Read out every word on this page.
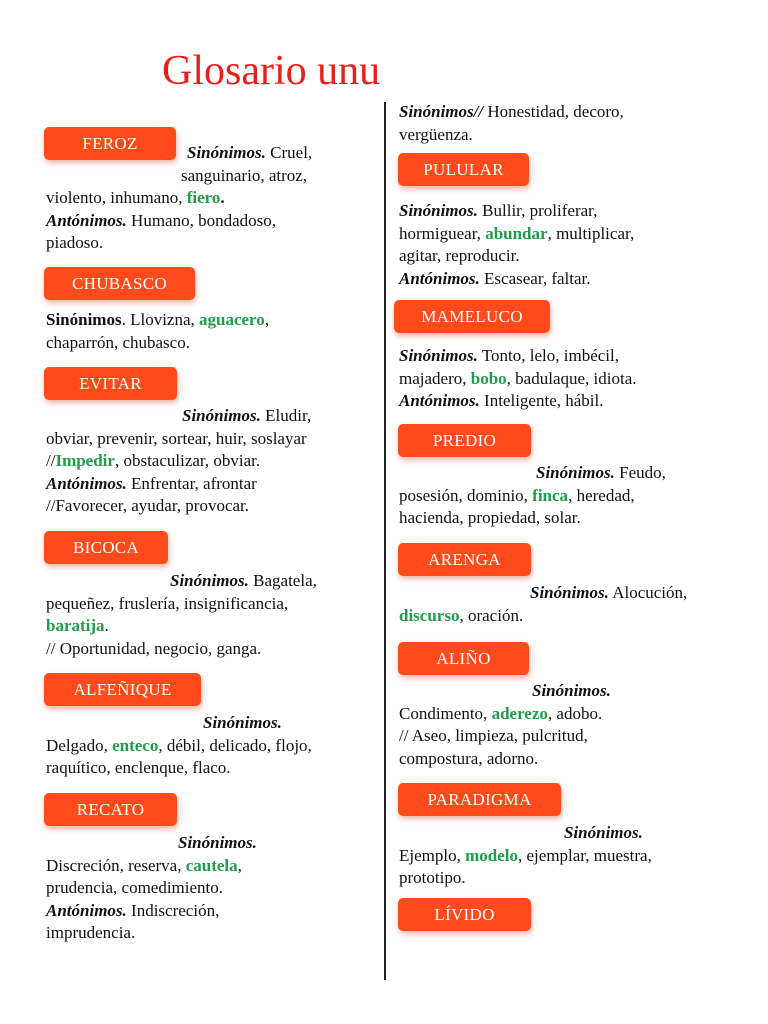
Glosario unu
FEROZ	Sinónimos. Cruel,
sanguinario, atroz,
violento, inhumano, fiero.
Antónimos. Humano, bondadoso,
piadoso.
CHUBASCO
Sinónimos. Llovizna, aguacero,
chaparrón, chubasco.
EVITAR
Sinónimos. Eludir,
obviar, prevenir, sortear, huir, soslayar
//Impedir, obstaculizar, obviar.
Antónimos. Enfrentar, afrontar
//Favorecer, ayudar, provocar.
BICOCA
Sinónimos. Bagatela,
pequeñez, fruslería, insignificancia,
baratija.
// Oportunidad, negocio, ganga.
ALFEÑIQUE
Sinónimos.
Delgado, enteco, débil, delicado, flojo,
raquítico, enclenque, flaco.
RECATO
Sinónimos.
Discreción, reserva, cautela,
prudencia, comedimiento.
Antónimos. Indiscreción,
imprudencia.
Sinónimos// Honestidad, decoro,
vergüenza.
PULULAR
Sinónimos. Bullir, proliferar,
hormiguear, abundar, multiplicar,
agitar, reproducir.
Antónimos. Escasear, faltar.
MAMELUCO
Sinónimos. Tonto, lelo, imbécil,
majadero, bobo, badulaque, idiota.
Antónimos. Inteligente, hábil.
PREDIO
Sinónimos. Feudo,
posesión, dominio, finca, heredad,
hacienda, propiedad, solar.
ARENGA
Sinónimos. Alocución,
discurso, oración.
ALIÑO
Sinónimos.
Condimento, aderezo, adobo.
// Aseo, limpieza, pulcritud,
compostura, adorno.
PARADIGMA
Sinónimos.
Ejemplo, modelo, ejemplar, muestra,
prototipo.
LÍVIDO
